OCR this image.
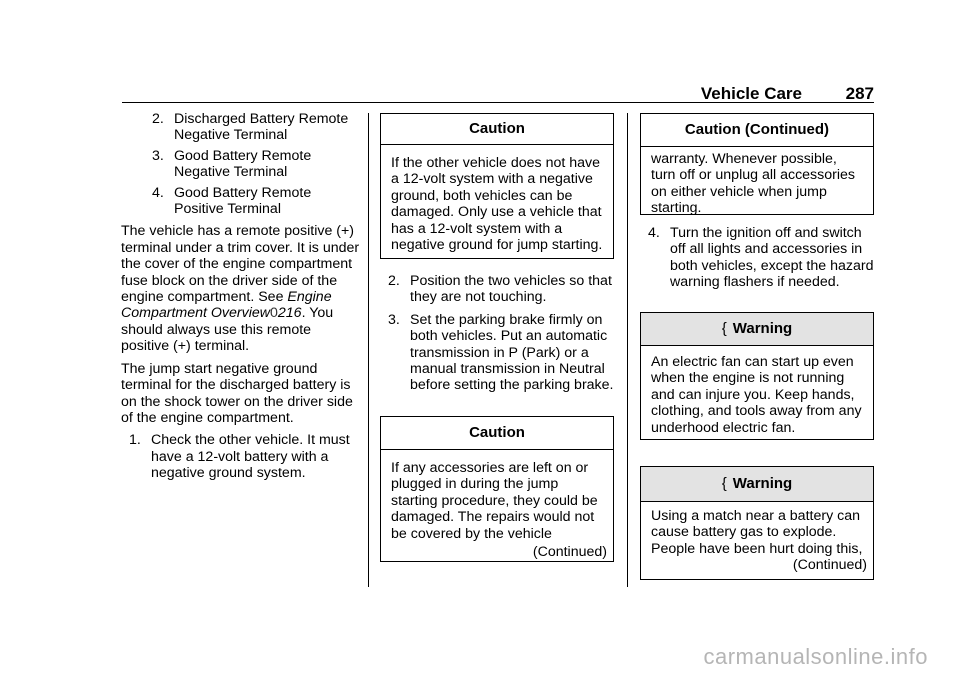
Vehicle Care	287
2. Discharged Battery Remote Negative Terminal
3. Good Battery Remote Negative Terminal
4. Good Battery Remote Positive Terminal

The vehicle has a remote positive (+) terminal under a trim cover. It is under the cover of the engine compartment fuse block on the driver side of the engine compartment. See Engine Compartment Overview0216. You should always use this remote positive (+) terminal.

The jump start negative ground terminal for the discharged battery is on the shock tower on the driver side of the engine compartment.

1. Check the other vehicle. It must have a 12-volt battery with a negative ground system.
Caution
If the other vehicle does not have a 12-volt system with a negative ground, both vehicles can be damaged. Only use a vehicle that has a 12-volt system with a negative ground for jump starting.
2. Position the two vehicles so that they are not touching.
3. Set the parking brake firmly on both vehicles. Put an automatic transmission in P (Park) or a manual transmission in Neutral before setting the parking brake.
Caution
If any accessories are left on or plugged in during the jump starting procedure, they could be damaged. The repairs would not be covered by the vehicle
(Continued)
Caution (Continued)
warranty. Whenever possible, turn off or unplug all accessories on either vehicle when jump starting.
4. Turn the ignition off and switch off all lights and accessories in both vehicles, except the hazard warning flashers if needed.
{ Warning
An electric fan can start up even when the engine is not running and can injure you. Keep hands, clothing, and tools away from any underhood electric fan.
{ Warning
Using a match near a battery can cause battery gas to explode. People have been hurt doing this,
(Continued)
carmanualsonline.info
